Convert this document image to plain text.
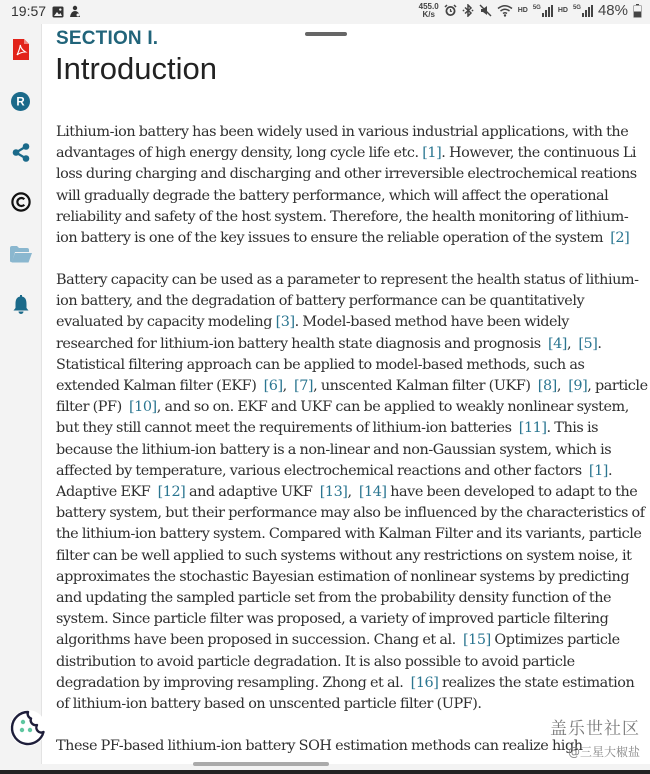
19:57	455.0
K/s	HD 5G HD 5G 48%
R
SECTION I.
Introduction
Lithium-ion battery has been widely used in various industrial applications, with the
advantages of high energy density, long cycle life etc. [1]. However, the continuous Li
loss during charging and discharging and other irreversible electrochemical reations
will gradually degrade the battery performance, which will affect the operational
reliability and safety of the host system. Therefore, the health monitoring of lithium-
ion battery is one of the key issues to ensure the reliable operation of the system  [2]
Battery capacity can be used as a parameter to represent the health status of lithium-
ion battery, and the degradation of battery performance can be quantitatively
evaluated by capacity modeling [3]. Model-based method have been widely
researched for lithium-ion battery health state diagnosis and prognosis  [4],  [5].
Statistical filtering approach can be applied to model-based methods, such as
extended Kalman filter (EKF)  [6],  [7], unscented Kalman filter (UKF)  [8],  [9], particle
filter (PF)  [10], and so on. EKF and UKF can be applied to weakly nonlinear system,
but they still cannot meet the requirements of lithium-ion batteries  [11]. This is
because the lithium-ion battery is a non-linear and non-Gaussian system, which is
affected by temperature, various electrochemical reactions and other factors  [1].
Adaptive EKF  [12] and adaptive UKF  [13],  [14] have been developed to adapt to the
battery system, but their performance may also be influenced by the characteristics of
the lithium-ion battery system. Compared with Kalman Filter and its variants, particle
filter can be well applied to such systems without any restrictions on system noise, it
approximates the stochastic Bayesian estimation of nonlinear systems by predicting
and updating the sampled particle set from the probability density function of the
system. Since particle filter was proposed, a variety of improved particle filtering
algorithms have been proposed in succession. Chang et al.  [15] Optimizes particle
distribution to avoid particle degradation. It is also possible to avoid particle
degradation by improving resampling. Zhong et al.  [16] realizes the state estimation
of lithium-ion battery based on unscented particle filter (UPF).
These PF-based lithium-ion battery SOH estimation methods can realize high
盖乐世社区
@三星大椒盐
